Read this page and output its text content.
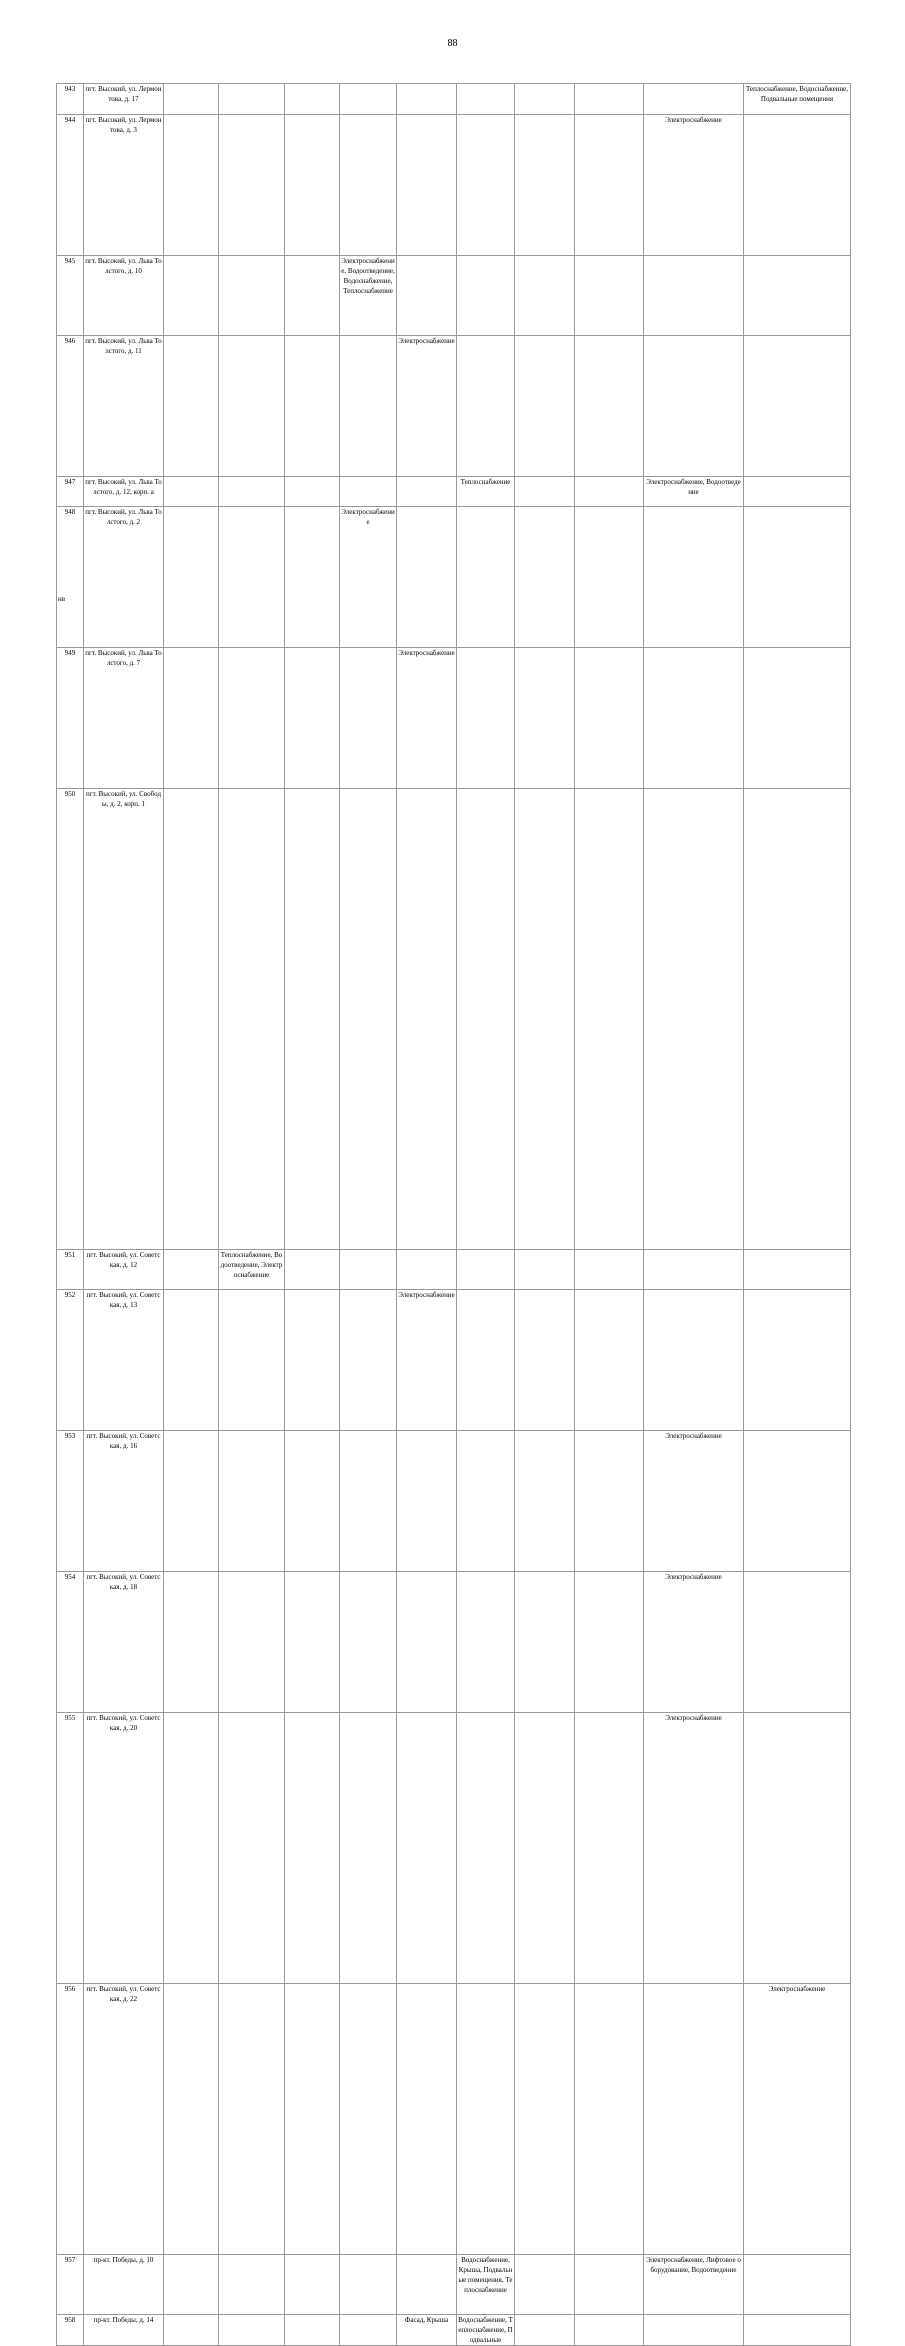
88
943	пгт. Высокий, ул. Лермонтова, д. 17										Теплоснабжение, Водоснабжение, Подвальные помещения	
944	пгт. Высокий, ул. Лермонтова, д. 3									Электроснабжение		
945	пгт. Высокий, ул. Льва Толстого, д. 10				Электроснабжение, Водоотведение, Водоснабжение, Теплоснабжение							
946	пгт. Высокий, ул. Льва Толстого, д. 11					Электроснабжение						
947	пгт. Высокий, ул. Льва Толстого, д. 12, корп. а						Теплоснабжение			Электроснабжение, Водоотведение		
948	пгт. Высокий, ул. Льва Толстого, д. 2				Электроснабжение							
949	пгт. Высокий, ул. Льва Толстого, д. 7					Электроснабжение						
950	пгт. Высокий, ул. Свободы, д. 2, корп. 1											
951	пгт. Высокий, ул. Советская, д. 12		Теплоснабжение, Водоотведение, Электроснабжение									
952	пгт. Высокий, ул. Советская, д. 13					Электроснабжение						
953	пгт. Высокий, ул. Советская, д. 16									Электроснабжение		
954	пгт. Высокий, ул. Советская, д. 18									Электроснабжение		
955	пгт. Высокий, ул. Советская, д. 20									Электроснабжение		
956	пгт. Высокий, ул. Советская, д. 22										Электроснабжение	
957	пр-кт. Победы, д. 10						Водоснабжение, Крыша, Подвальные помещения, Теплоснабжение			Электроснабжение, Лифтовое оборудование, Водоотведение		
958	пр-кт. Победы, д. 14					Фасад, Крыша	Водоснабжение, Теплоснабжение, Подвальные					
нв
